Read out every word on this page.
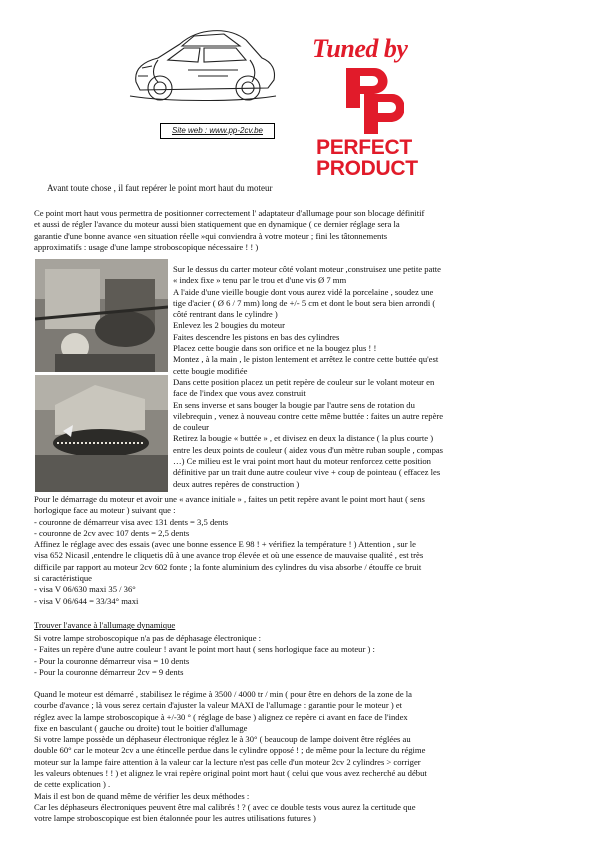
Site web : www.pp-2cv.be
Tuned by
PERFECT
PRODUCT
Avant toute chose , il faut repérer le point mort haut du moteur
Ce point mort haut vous permettra de positionner correctement l' adaptateur d'allumage pour son blocage définitif
et aussi de régler l'avance du moteur aussi bien statiquement que en dynamique ( ce dernier réglage sera la
garantie d'une bonne avance «en situation réelle »qui conviendra à votre moteur ; fini les tâtonnements
approximatifs : usage d'une lampe stroboscopique nécessaire ! ! )
Sur le dessus du carter moteur côté volant moteur ,construisez une petite patte
« index fixe » tenu par le trou et d'une vis Ø 7 mm
A l'aide d'une vieille bougie dont vous aurez vidé la porcelaine , soudez une
tige d'acier ( Ø 6 / 7 mm) long de +/- 5 cm et dont le bout sera bien arrondi (
côté rentrant dans le cylindre )
Enlevez les 2 bougies du moteur
Faites descendre les pistons en bas des cylindres
Placez cette bougie dans son orifice et ne la bougez plus ! !
Montez , à la main , le piston lentement et arrêtez le contre cette buttée qu'est
cette bougie modifiée
Dans cette position placez un petit repère de couleur sur le volant moteur en
face de l'index que vous avez construit
En sens inverse et sans bouger la bougie par l'autre sens de rotation du
vilebrequin , venez à nouveau contre cette même buttée : faites un autre repère
de couleur
Retirez la bougie « buttée » , et divisez en deux la distance ( la plus courte )
entre les deux points de couleur ( aidez vous d'un mètre ruban souple , compas
…) Ce milieu est le vrai point mort haut du moteur renforcez cette position
définitive par un trait dune autre couleur vive + coup de pointeau ( effacez les
deux autres repères de construction )
Pour le démarrage du moteur et avoir une « avance initiale » , faites un petit repère avant le point mort haut ( sens
horlogique face au moteur ) suivant que :
- couronne de démarreur visa avec 131 dents = 3,5 dents
- couronne de 2cv avec 107 dents = 2,5 dents
Affinez le réglage avec des essais (avec une bonne essence E 98 ! + vérifiez la température ! ) Attention , sur le
visa 652 Nicasil ,entendre le cliquetis dû à une avance trop élevée et où une essence de mauvaise qualité , est très
difficile par rapport au moteur 2cv 602 fonte ; la fonte aluminium des cylindres du visa absorbe / étouffe ce bruit
si caractéristique
- visa V 06/630 maxi 35 / 36°
- visa V 06/644 = 33/34° maxi
Trouver l'avance à l'allumage dynamique
Si votre lampe stroboscopique n'a pas de déphasage électronique :
- Faites un repère d'une autre couleur ! avant le point mort haut ( sens horlogique face au moteur ) :
- Pour la couronne démarreur visa = 10 dents
- Pour la couronne démarreur 2cv = 9 dents
Quand le moteur est démarré , stabilisez le régime à 3500 / 4000 tr / min ( pour être en dehors de la zone de la
courbe d'avance ; là vous serez certain d'ajuster la valeur MAXI de l'allumage : garantie pour le moteur ) et
réglez avec la lampe stroboscopique à +/-30 ° ( réglage de base ) alignez ce repère ci avant en face de l'index
fixe en basculant ( gauche ou droite) tout le boitier d'allumage
Si votre lampe possède un déphaseur électronique réglez le à 30° ( beaucoup de lampe doivent être réglées au
double 60° car le moteur 2cv a une étincelle perdue dans le cylindre opposé ! ; de même pour la lecture du régime
moteur sur la lampe faire attention à la valeur car la lecture n'est pas celle d'un moteur 2cv 2 cylindres > corriger
les valeurs obtenues ! ! ) et alignez le vrai repère original point mort haut ( celui que vous avez recherché au début
de cette explication ) .
Mais il est bon de quand même de vérifier les deux méthodes :
Car les déphaseurs électroniques peuvent être mal calibrés ! ? ( avec ce double tests vous aurez la certitude que
votre lampe stroboscopique est bien étalonnée pour les autres utilisations futures )
